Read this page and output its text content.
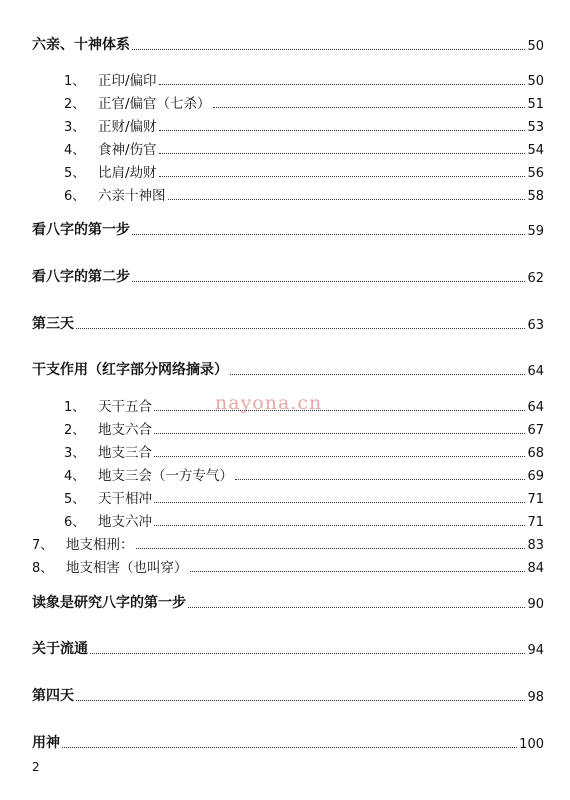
六亲、十神体系	50
1、 正印/偏印	50
2、 正官/偏官（七杀）	51
3、 正财/偏财	53
4、 食神/伤官	54
5、 比肩/劫财	56
6、 六亲十神图	58
看八字的第一步	59
看八字的第二步	62
第三天	63
干支作用（红字部分网络摘录）	64
1、 天干五合	64
2、 地支六合	67
3、 地支三合	68
4、 地支三会（一方专气）	69
5、 天干相冲	71
6、 地支六冲	71
7、 地支相刑：	83
8、 地支相害（也叫穿）	84
读象是研究八字的第一步	90
关于流通	94
第四天	98
用神	100
nayona.cn
2
